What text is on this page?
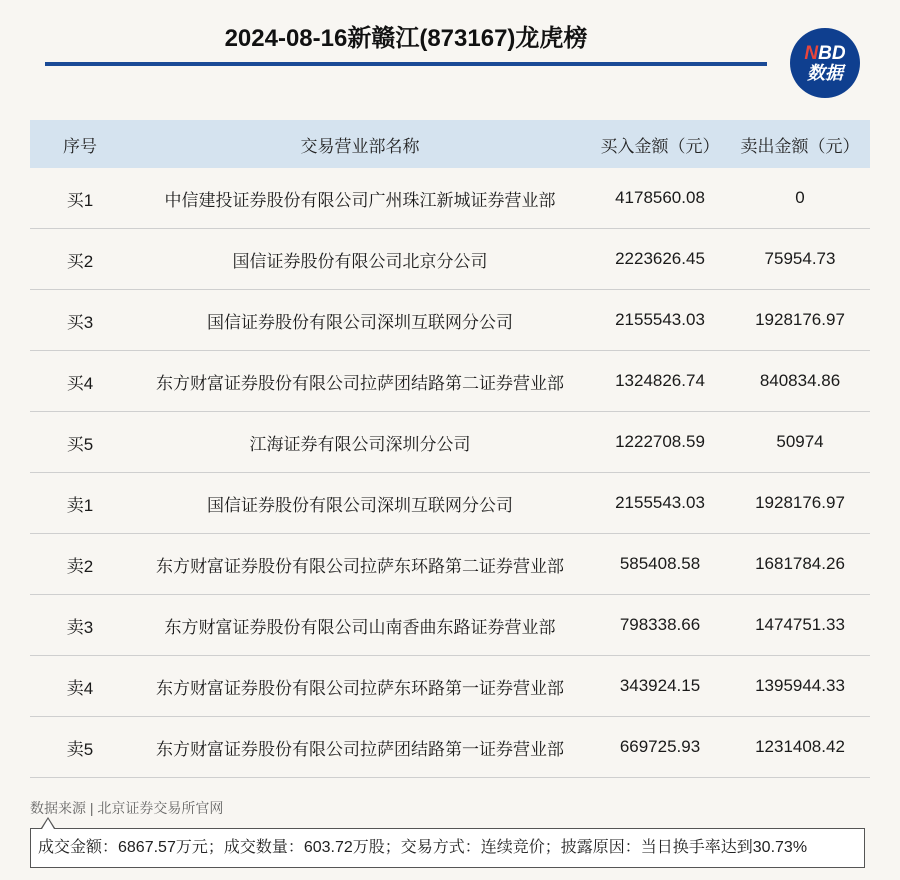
2024-08-16新赣江(873167)龙虎榜
NBD
数据
序号	交易营业部名称	买入金额（元）	卖出金额（元）
买1	中信建投证券股份有限公司广州珠江新城证券营业部	4178560.08	0
买2	国信证券股份有限公司北京分公司	2223626.45	75954.73
买3	国信证券股份有限公司深圳互联网分公司	2155543.03	1928176.97
买4	东方财富证券股份有限公司拉萨团结路第二证券营业部	1324826.74	840834.86
买5	江海证券有限公司深圳分公司	1222708.59	50974
卖1	国信证券股份有限公司深圳互联网分公司	2155543.03	1928176.97
卖2	东方财富证券股份有限公司拉萨东环路第二证券营业部	585408.58	1681784.26
卖3	东方财富证券股份有限公司山南香曲东路证券营业部	798338.66	1474751.33
卖4	东方财富证券股份有限公司拉萨东环路第一证券营业部	343924.15	1395944.33
卖5	东方财富证券股份有限公司拉萨团结路第一证券营业部	669725.93	1231408.42
数据来源 | 北京证券交易所官网
成交金额：6867.57万元；成交数量：603.72万股；交易方式：连续竞价；披露原因：当日换手率达到30.73%
